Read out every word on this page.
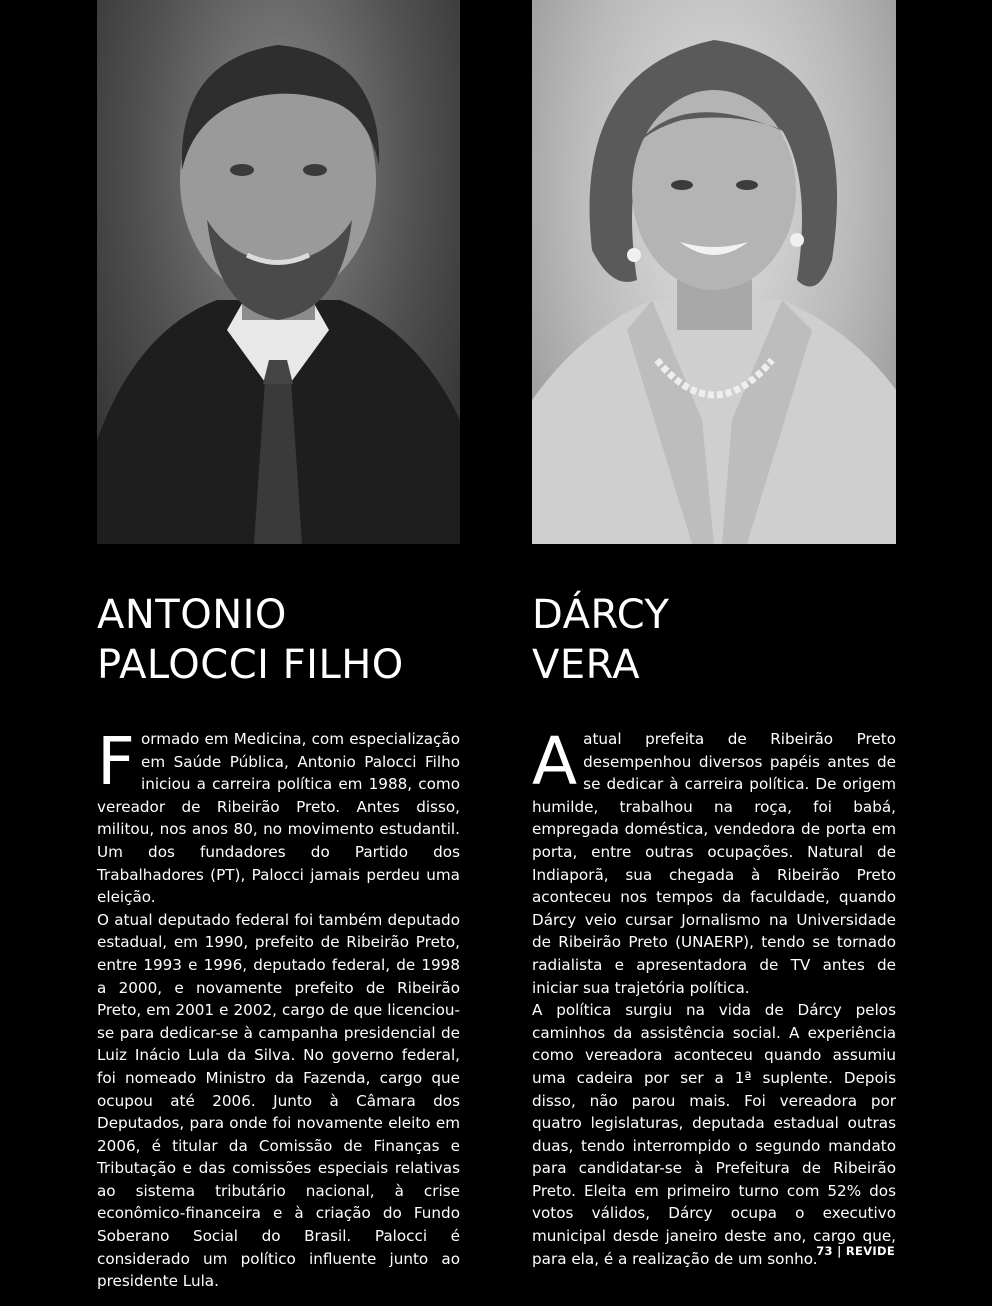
ANTONIO
PALOCCI FILHO
DÁRCY
VERA

Formado em Medicina, com especialização em Saúde Pública, Antonio Palocci Filho iniciou a carreira política em 1988, como vereador de Ribeirão Preto. Antes disso, militou, nos anos 80, no movimento estudantil. Um dos fundadores do Partido dos Trabalhadores (PT), Palocci jamais perdeu uma eleição.

O atual deputado federal foi também deputado estadual, em 1990, prefeito de Ribeirão Preto, entre 1993 e 1996, deputado federal, de 1998 a 2000, e novamente prefeito de Ribeirão Preto, em 2001 e 2002, cargo de que licenciou-se para dedicar-se à campanha presidencial de Luiz Inácio Lula da Silva. No governo federal, foi nomeado Ministro da Fazenda, cargo que ocupou até 2006. Junto à Câmara dos Deputados, para onde foi novamente eleito em 2006, é titular da Comissão de Finanças e Tributação e das comissões especiais relativas ao sistema tributário nacional, à crise econômico-financeira e à criação do Fundo Soberano Social do Brasil. Palocci é considerado um político influente junto ao presidente Lula.

Aatual prefeita de Ribeirão Preto desempenhou diversos papéis antes de se dedicar à carreira política. De origem humilde, trabalhou na roça, foi babá, empregada doméstica, vendedora de porta em porta, entre outras ocupações. Natural de Indiaporã, sua chegada à Ribeirão Preto aconteceu nos tempos da faculdade, quando Dárcy veio cursar Jornalismo na Universidade de Ribeirão Preto (UNAERP), tendo se tornado radialista e apresentadora de TV antes de iniciar sua trajetória política.

A política surgiu na vida de Dárcy pelos caminhos da assistência social. A experiência como vereadora aconteceu quando assumiu uma cadeira por ser a 1ª suplente. Depois disso, não parou mais. Foi vereadora por quatro legislaturas, deputada estadual outras duas, tendo interrompido o segundo mandato para candidatar-se à Prefeitura de Ribeirão Preto. Eleita em primeiro turno com 52% dos votos válidos, Dárcy ocupa o executivo municipal desde janeiro deste ano, cargo que, para ela, é a realização de um sonho.

73 | REVIDE
